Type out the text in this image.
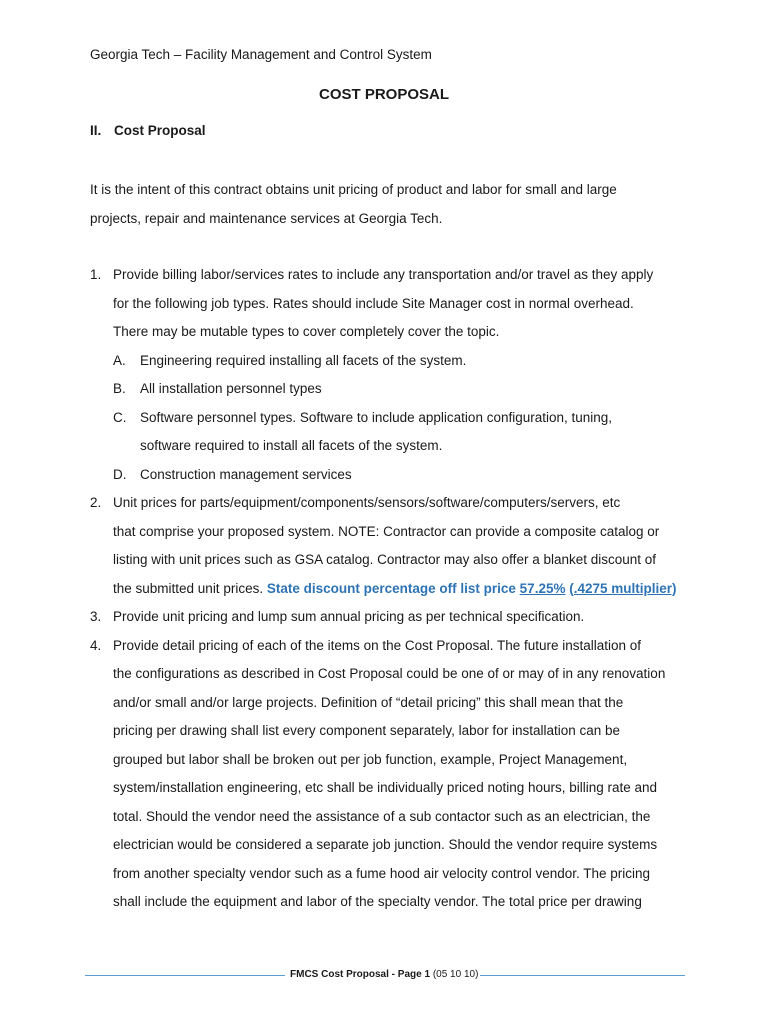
Georgia Tech – Facility Management and Control System
COST PROPOSAL
II. Cost Proposal
It is the intent of this contract obtains unit pricing of product and labor for small and large
projects, repair and maintenance services at Georgia Tech.
1. Provide billing labor/services rates to include any transportation and/or travel as they apply
for the following job types. Rates should include Site Manager cost in normal overhead.
There may be mutable types to cover completely cover the topic.
A. Engineering required installing all facets of the system.
B. All installation personnel types
C. Software personnel types. Software to include application configuration, tuning,
software required to install all facets of the system.
D. Construction management services
2. Unit prices for parts/equipment/components/sensors/software/computers/servers, etc
that comprise your proposed system. NOTE: Contractor can provide a composite catalog or
listing with unit prices such as GSA catalog. Contractor may also offer a blanket discount of
the submitted unit prices. State discount percentage off list price 57.25% (.4275 multiplier)
3. Provide unit pricing and lump sum annual pricing as per technical specification.
4. Provide detail pricing of each of the items on the Cost Proposal. The future installation of
the configurations as described in Cost Proposal could be one of or may of in any renovation
and/or small and/or large projects. Definition of “detail pricing” this shall mean that the
pricing per drawing shall list every component separately, labor for installation can be
grouped but labor shall be broken out per job function, example, Project Management,
system/installation engineering, etc shall be individually priced noting hours, billing rate and
total. Should the vendor need the assistance of a sub contactor such as an electrician, the
electrician would be considered a separate job junction. Should the vendor require systems
from another specialty vendor such as a fume hood air velocity control vendor. The pricing
shall include the equipment and labor of the specialty vendor. The total price per drawing
FMCS Cost Proposal - Page 1 (05 10 10)
